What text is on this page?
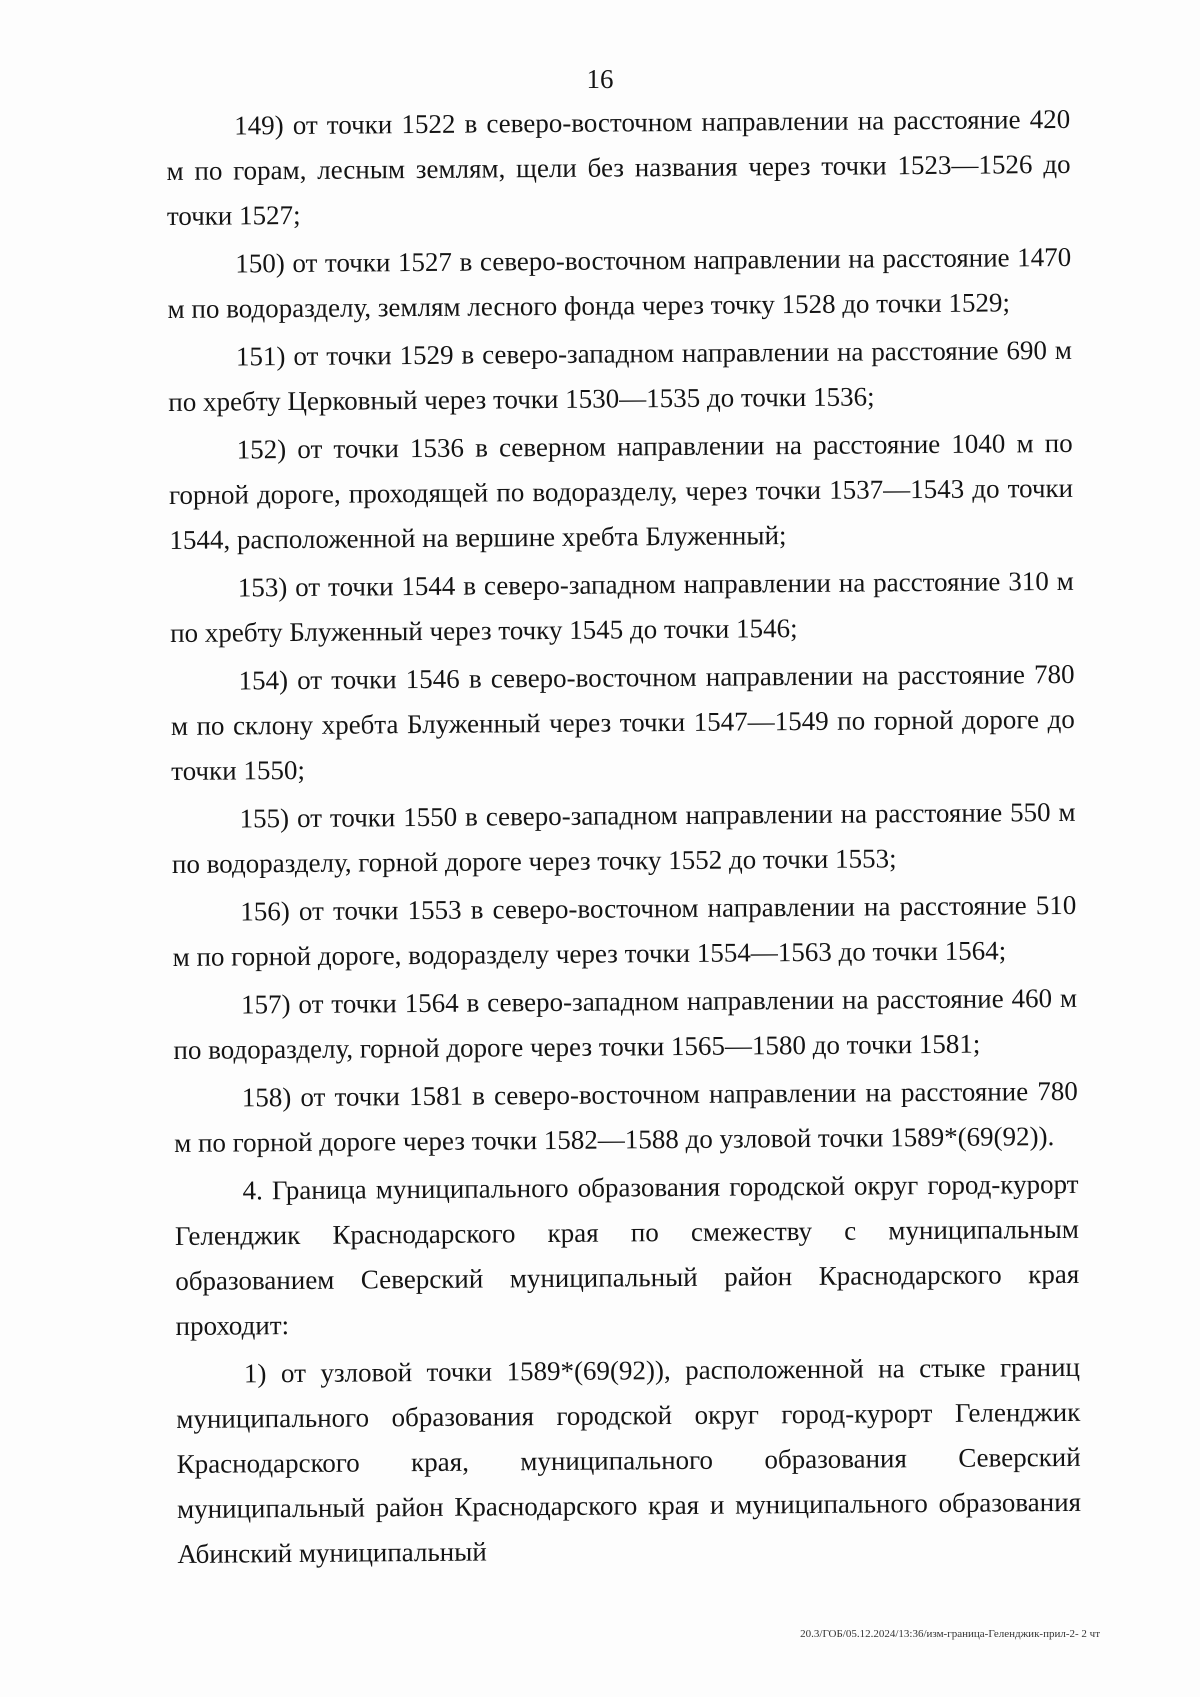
16

149) от точки 1522 в северо-восточном направлении на расстояние 420 м по горам, лесным землям, щели без названия через точки 1523—1526 до точки 1527;

150) от точки 1527 в северо-восточном направлении на расстояние 1470 м по водоразделу, землям лесного фонда через точку 1528 до точки 1529;

151) от точки 1529 в северо-западном направлении на расстояние 690 м по хребту Церковный через точки 1530—1535 до точки 1536;

152) от точки 1536 в северном направлении на расстояние 1040 м по горной дороге, проходящей по водоразделу, через точки 1537—1543 до точки 1544, расположенной на вершине хребта Блуженный;

153) от точки 1544 в северо-западном направлении на расстояние 310 м по хребту Блуженный через точку 1545 до точки 1546;

154) от точки 1546 в северо-восточном направлении на расстояние 780 м по склону хребта Блуженный через точки 1547—1549 по горной дороге до точки 1550;

155) от точки 1550 в северо-западном направлении на расстояние 550 м по водоразделу, горной дороге через точку 1552 до точки 1553;

156) от точки 1553 в северо-восточном направлении на расстояние 510 м по горной дороге, водоразделу через точки 1554—1563 до точки 1564;

157) от точки 1564 в северо-западном направлении на расстояние 460 м по водоразделу, горной дороге через точки 1565—1580 до точки 1581;

158) от точки 1581 в северо-восточном направлении на расстояние 780 м по горной дороге через точки 1582—1588 до узловой точки 1589*(69(92)).

4. Граница муниципального образования городской округ город-курорт Геленджик Краснодарского края по смежеству с муниципальным образованием Северский муниципальный район Краснодарского края проходит:

1) от узловой точки 1589*(69(92)), расположенной на стыке границ муниципального образования городской округ город-курорт Геленджик Краснодарского края, муниципального образования Северский муниципальный район Краснодарского края и муниципального образования Абинский муниципальный

20.3/ГОБ/05.12.2024/13:36/изм-граница-Геленджик-прил-2- 2 чт
